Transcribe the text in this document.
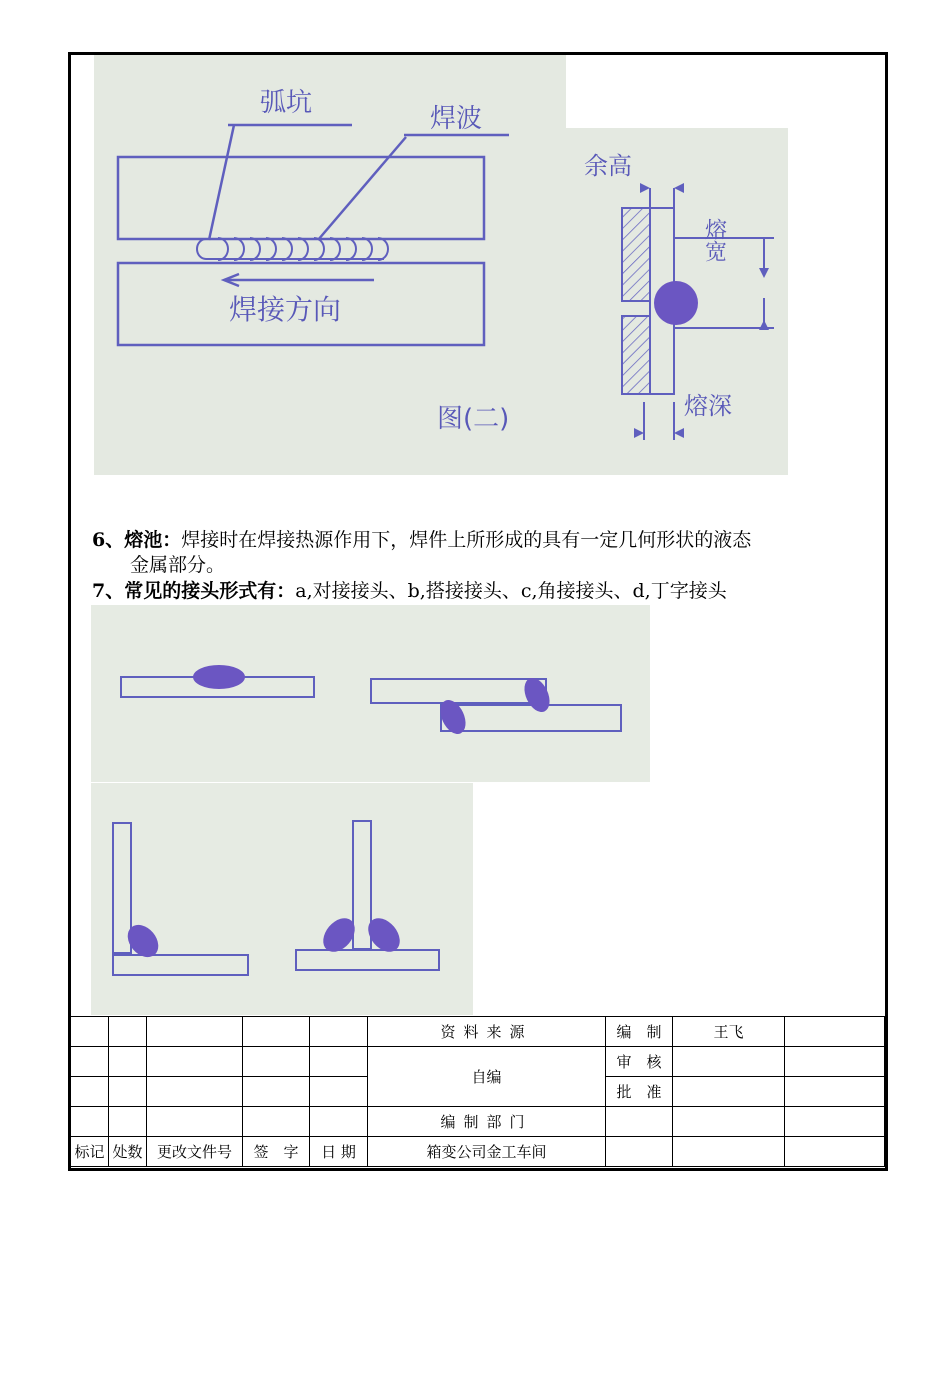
弧坑
焊波
焊接方向
图(二)
余高
熔深
熔宽
6、熔池：焊接时在焊接热源作用下，焊件上所形成的具有一定几何形状的液态
金属部分。
7、常见的接头形式有：a,对接接头、b,搭接接头、c,角接接头、d,丁字接头
					资料来源	编　制	王飞	
					自编	审　核		
						批　准		
					编制部门			
标记	处数	更改文件号	签　字	日 期	箱变公司金工车间			
